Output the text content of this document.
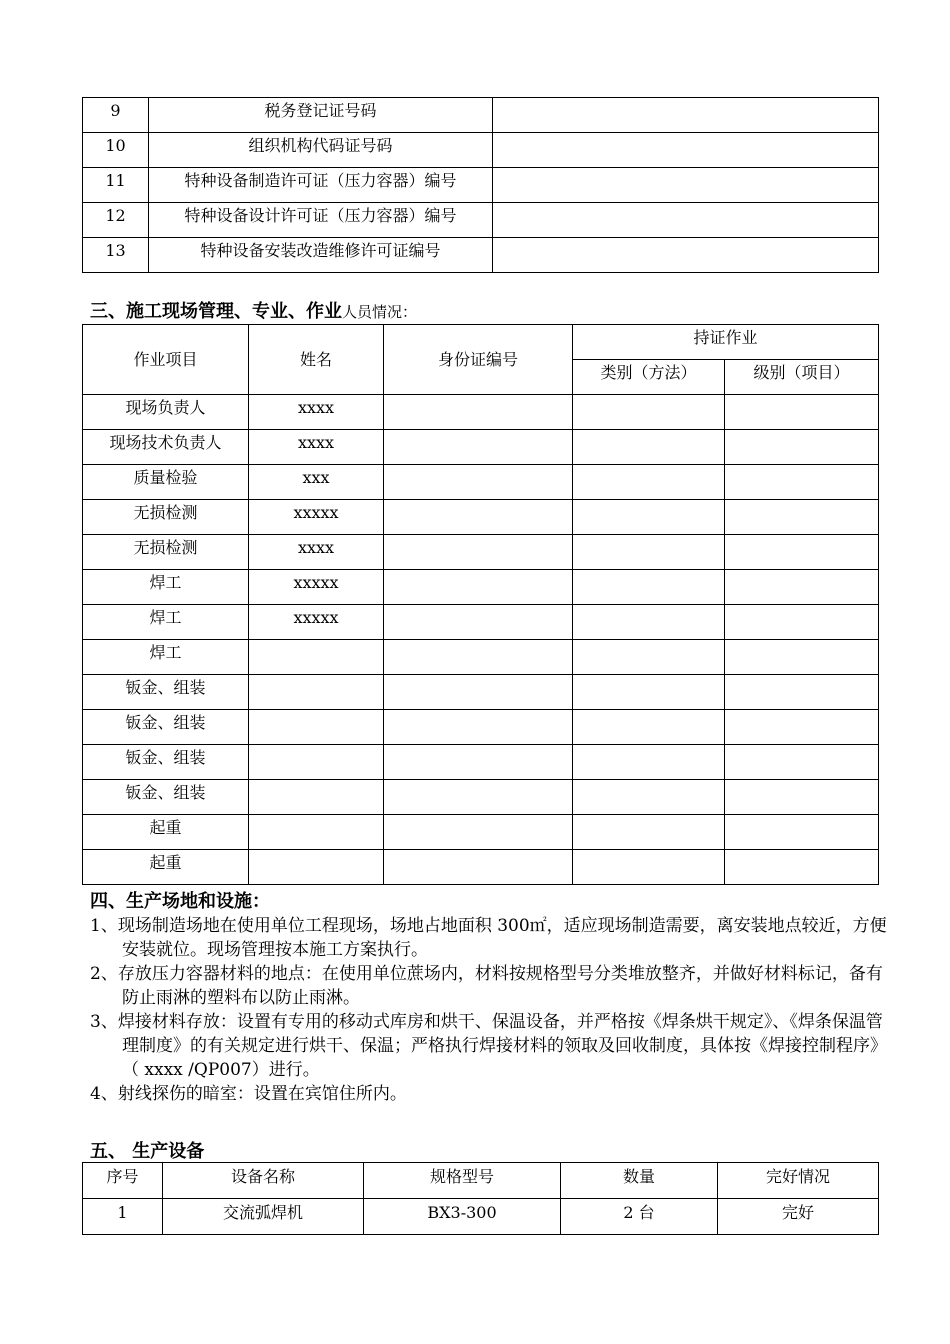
9	税务登记证号码	
10	组织机构代码证号码	
11	特种设备制造许可证（压力容器）编号	
12	特种设备设计许可证（压力容器）编号	
13	特种设备安装改造维修许可证编号	
三、施工现场管理、专业、作业人员情况：
作业项目	姓名	身份证编号	持证作业	
			类别（方法）	级别（项目）
现场负责人	xxxx			
现场技术负责人	xxxx			
质量检验	xxx			
无损检测	xxxxx			
无损检测	xxxx			
焊工	xxxxx			
焊工	xxxxx			
焊工				
钣金、组装				
钣金、组装				
钣金、组装				
钣金、组装				
起重				
起重				
四、生产场地和设施：

1、现场制造场地在使用单位工程现场，场地占地面积 300㎡，适应现场制造需要，离安装地点较近，方便安装就位。现场管理按本施工方案执行。

2、存放压力容器材料的地点：在使用单位蔗场内，材料按规格型号分类堆放整齐，并做好材料标记，备有防止雨淋的塑料布以防止雨淋。

3、焊接材料存放：设置有专用的移动式库房和烘干、保温设备，并严格按《焊条烘干规定》、《焊条保温管理制度》的有关规定进行烘干、保温；严格执行焊接材料的领取及回收制度，具体按《焊接控制程序》（ xxxx /QP007）进行。

4、射线探伤的暗室：设置在宾馆住所内。

五、 生产设备
序号	设备名称	规格型号	数量	完好情况
1	交流弧焊机	BX3-300	2 台	完好
